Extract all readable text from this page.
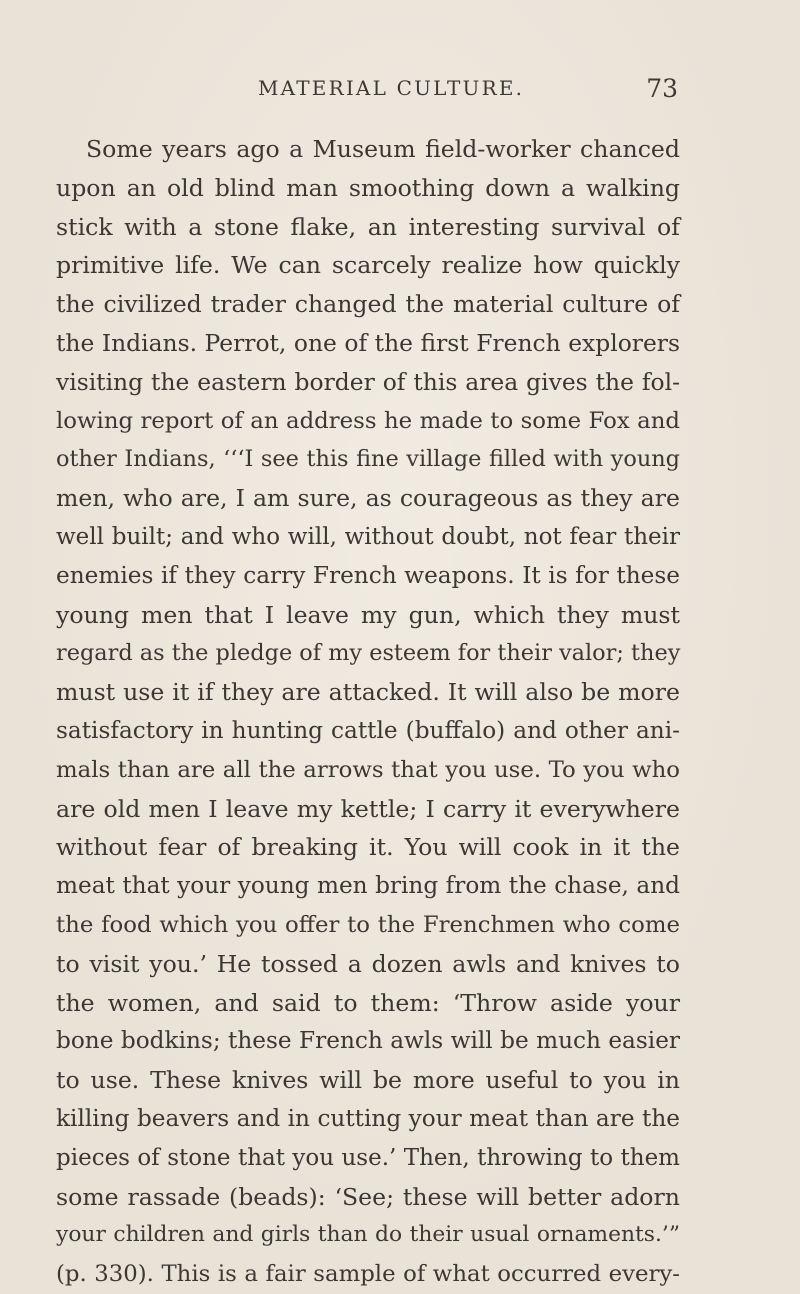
MATERIAL CULTURE.	73
Some years ago a Museum field-worker chanced
upon an old blind man smoothing down a walking
stick with a stone flake, an interesting survival of
primitive life. We can scarcely realize how quickly
the civilized trader changed the material culture of
the Indians. Perrot, one of the first French explorers
visiting the eastern border of this area gives the fol-
lowing report of an address he made to some Fox and
other Indians, ‘‘‘I see this fine village filled with young
men, who are, I am sure, as courageous as they are
well built; and who will, without doubt, not fear their
enemies if they carry French weapons. It is for these
young men that I leave my gun, which they must
regard as the pledge of my esteem for their valor; they
must use it if they are attacked. It will also be more
satisfactory in hunting cattle (buffalo) and other ani-
mals than are all the arrows that you use. To you who
are old men I leave my kettle; I carry it everywhere
without fear of breaking it. You will cook in it the
meat that your young men bring from the chase, and
the food which you offer to the Frenchmen who come
to visit you.’ He tossed a dozen awls and knives to
the women, and said to them: ‘Throw aside your
bone bodkins; these French awls will be much easier
to use. These knives will be more useful to you in
killing beavers and in cutting your meat than are the
pieces of stone that you use.’ Then, throwing to them
some rassade (beads): ‘See; these will better adorn
your children and girls than do their usual ornaments.’”
(p. 330). This is a fair sample of what occurred every-
